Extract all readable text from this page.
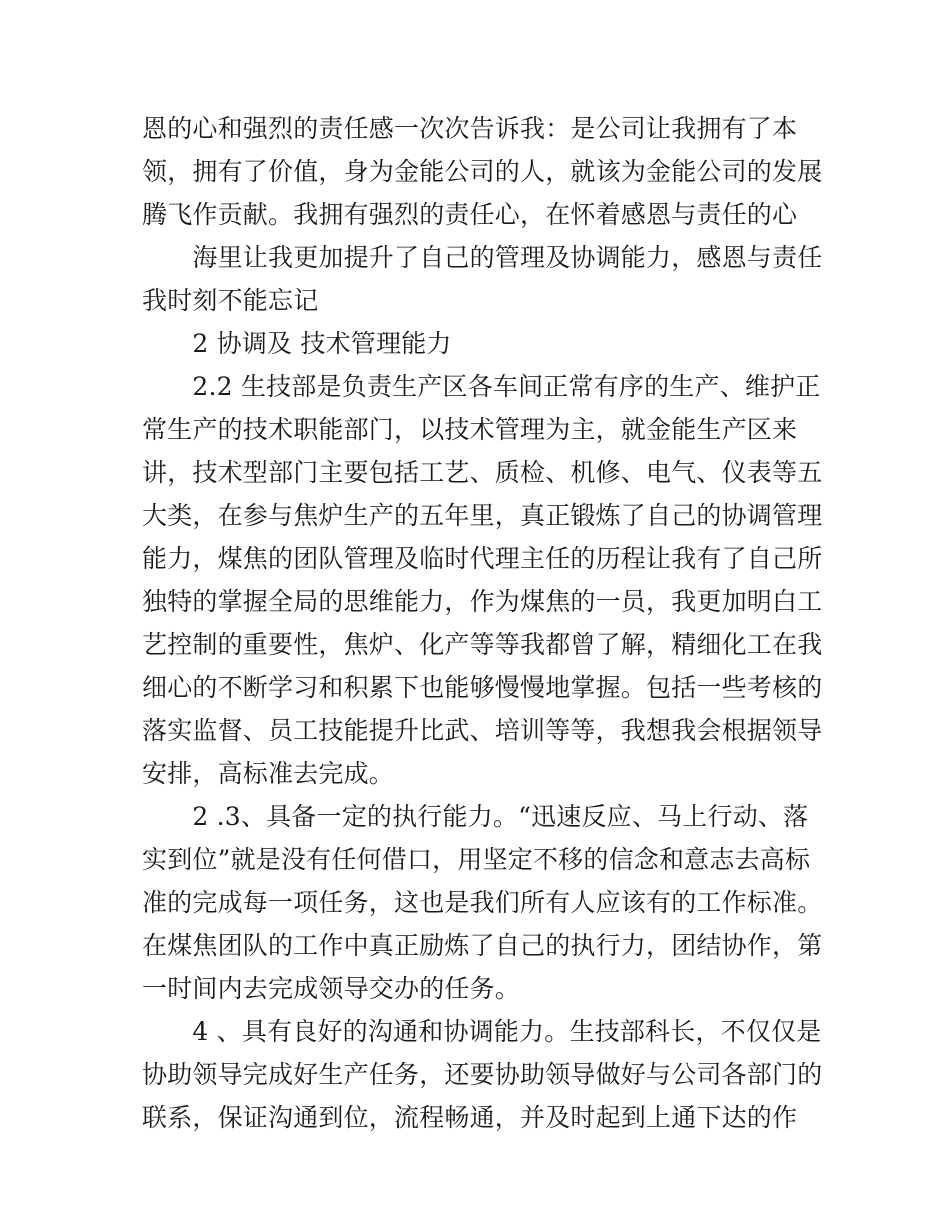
恩的心和强烈的责任感一次次告诉我：是公司让我拥有了本
领，拥有了价值，身为金能公司的人，就该为金能公司的发展
腾飞作贡献。我拥有强烈的责任心，在怀着感恩与责任的心
　　海里让我更加提升了自己的管理及协调能力，感恩与责任
我时刻不能忘记
　　2 协调及 技术管理能力
　　2.2 生技部是负责生产区各车间正常有序的生产、维护正
常生产的技术职能部门，以技术管理为主，就金能生产区来
讲，技术型部门主要包括工艺、质检、机修、电气、仪表等五
大类，在参与焦炉生产的五年里，真正锻炼了自己的协调管理
能力，煤焦的团队管理及临时代理主任的历程让我有了自己所
独特的掌握全局的思维能力，作为煤焦的一员，我更加明白工
艺控制的重要性，焦炉、化产等等我都曾了解，精细化工在我
细心的不断学习和积累下也能够慢慢地掌握。包括一些考核的
落实监督、员工技能提升比武、培训等等，我想我会根据领导
安排，高标准去完成。
　　2 .3、具备一定的执行能力。“迅速反应、马上行动、落
实到位”就是没有任何借口，用坚定不移的信念和意志去高标
准的完成每一项任务，这也是我们所有人应该有的工作标准。
在煤焦团队的工作中真正励炼了自己的执行力，团结协作，第
一时间内去完成领导交办的任务。
　　4 、具有良好的沟通和协调能力。生技部科长，不仅仅是
协助领导完成好生产任务，还要协助领导做好与公司各部门的
联系，保证沟通到位，流程畅通，并及时起到上通下达的作
